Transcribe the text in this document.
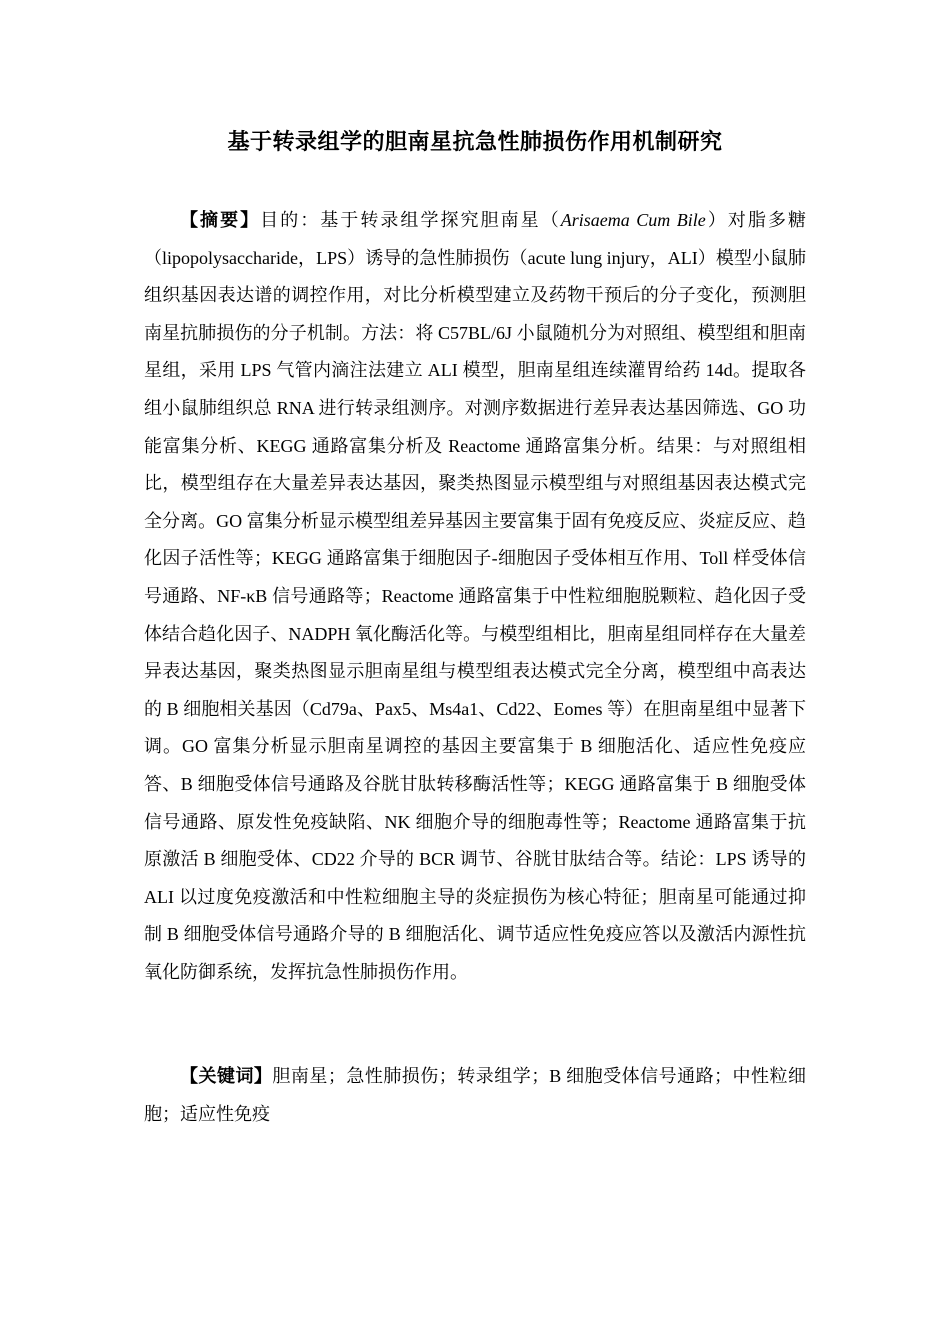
基于转录组学的胆南星抗急性肺损伤作用机制研究

【摘要】目的：基于转录组学探究胆南星（Arisaema Cum Bile）对脂多糖（lipopolysaccharide，LPS）诱导的急性肺损伤（acute lung injury，ALI）模型小鼠肺组织基因表达谱的调控作用，对比分析模型建立及药物干预后的分子变化，预测胆南星抗肺损伤的分子机制。方法：将 C57BL/6J 小鼠随机分为对照组、模型组和胆南星组，采用 LPS 气管内滴注法建立 ALI 模型，胆南星组连续灌胃给药 14d。提取各组小鼠肺组织总 RNA 进行转录组测序。对测序数据进行差异表达基因筛选、GO 功能富集分析、KEGG 通路富集分析及 Reactome 通路富集分析。结果：与对照组相比，模型组存在大量差异表达基因，聚类热图显示模型组与对照组基因表达模式完全分离。GO 富集分析显示模型组差异基因主要富集于固有免疫反应、炎症反应、趋化因子活性等；KEGG 通路富集于细胞因子-细胞因子受体相互作用、Toll 样受体信号通路、NF-κB 信号通路等；Reactome 通路富集于中性粒细胞脱颗粒、趋化因子受体结合趋化因子、NADPH 氧化酶活化等。与模型组相比，胆南星组同样存在大量差异表达基因，聚类热图显示胆南星组与模型组表达模式完全分离，模型组中高表达的 B 细胞相关基因（Cd79a、Pax5、Ms4a1、Cd22、Eomes 等）在胆南星组中显著下调。GO 富集分析显示胆南星调控的基因主要富集于 B 细胞活化、适应性免疫应答、B 细胞受体信号通路及谷胱甘肽转移酶活性等；KEGG 通路富集于 B 细胞受体信号通路、原发性免疫缺陷、NK 细胞介导的细胞毒性等；Reactome 通路富集于抗原激活 B 细胞受体、CD22 介导的 BCR 调节、谷胱甘肽结合等。结论：LPS 诱导的 ALI 以过度免疫激活和中性粒细胞主导的炎症损伤为核心特征；胆南星可能通过抑制 B 细胞受体信号通路介导的 B 细胞活化、调节适应性免疫应答以及激活内源性抗氧化防御系统，发挥抗急性肺损伤作用。

【关键词】胆南星；急性肺损伤；转录组学；B 细胞受体信号通路；中性粒细胞；适应性免疫
